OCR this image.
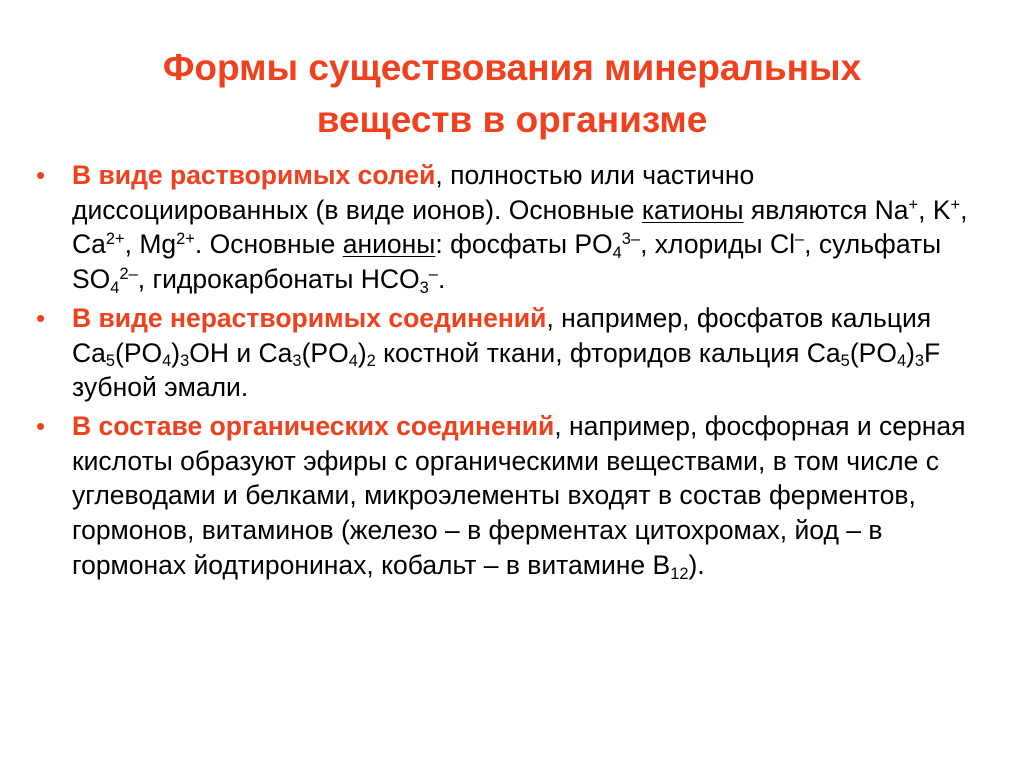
Формы существования минеральных
веществ в организме
• В виде растворимых солей, полностью или частично диссоциированных (в виде ионов). Основные катионы являются Na+, K+, $Ca^{2+}$, $Mg^{2+}$. Основные анионы: фосфаты $PO_4^{3-}$, хлориды Cl–, сульфаты $SO_4^{2-}$, гидрокарбонаты $HCO_3^-$.
• В виде нерастворимых соединений, например, фосфатов кальция $Ca_5(PO_4)_3OH$ и $Ca_3(PO_4)_2$ костной ткани, фторидов кальция $Ca_5(PO_4)_3F$ зубной эмали.
• В составе органических соединений, например, фосфорная и серная кислоты образуют эфиры с органическими веществами, в том числе с углеводами и белками, микроэлементы входят в состав ферментов, гормонов, витаминов (железо – в ферментах цитохромах, йод – в гормонах йодтиронинах, кобальт – в витамине $B_{12}$).
